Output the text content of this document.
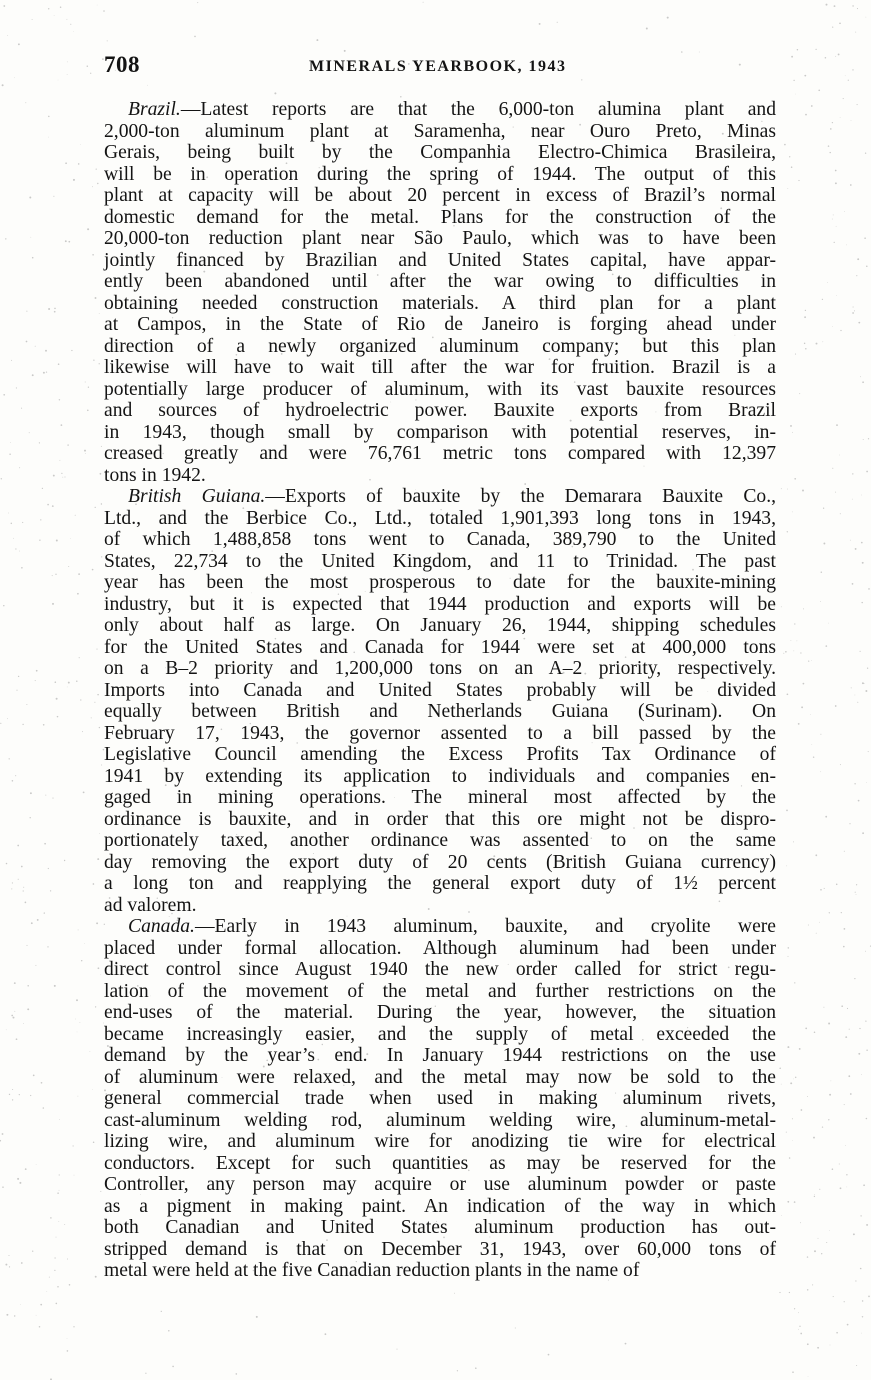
708	MINERALS YEARBOOK, 1943
Brazil.—Latest reports are that the 6,000-ton alumina plant and
2,000-ton aluminum plant at Saramenha, near Ouro Preto, Minas
Gerais, being built by the Companhia Electro-Chimica Brasileira,
will be in operation during the spring of 1944. The output of this
plant at capacity will be about 20 percent in excess of Brazil’s normal
domestic demand for the metal. Plans for the construction of the
20,000-ton reduction plant near São Paulo, which was to have been
jointly financed by Brazilian and United States capital, have appar-
ently been abandoned until after the war owing to difficulties in
obtaining needed construction materials. A third plan for a plant
at Campos, in the State of Rio de Janeiro is forging ahead under
direction of a newly organized aluminum company; but this plan
likewise will have to wait till after the war for fruition. Brazil is a
potentially large producer of aluminum, with its vast bauxite resources
and sources of hydroelectric power. Bauxite exports from Brazil
in 1943, though small by comparison with potential reserves, in-
creased greatly and were 76,761 metric tons compared with 12,397
tons in 1942.
British Guiana.—Exports of bauxite by the Demarara Bauxite Co.,
Ltd., and the Berbice Co., Ltd., totaled 1,901,393 long tons in 1943,
of which 1,488,858 tons went to Canada, 389,790 to the United
States, 22,734 to the United Kingdom, and 11 to Trinidad. The past
year has been the most prosperous to date for the bauxite-mining
industry, but it is expected that 1944 production and exports will be
only about half as large. On January 26, 1944, shipping schedules
for the United States and Canada for 1944 were set at 400,000 tons
on a B–2 priority and 1,200,000 tons on an A–2 priority, respectively.
Imports into Canada and United States probably will be divided
equally between British and Netherlands Guiana (Surinam). On
February 17, 1943, the governor assented to a bill passed by the
Legislative Council amending the Excess Profits Tax Ordinance of
1941 by extending its application to individuals and companies en-
gaged in mining operations. The mineral most affected by the
ordinance is bauxite, and in order that this ore might not be dispro-
portionately taxed, another ordinance was assented to on the same
day removing the export duty of 20 cents (British Guiana currency)
a long ton and reapplying the general export duty of 1½ percent
ad valorem.
Canada.—Early in 1943 aluminum, bauxite, and cryolite were
placed under formal allocation. Although aluminum had been under
direct control since August 1940 the new order called for strict regu-
lation of the movement of the metal and further restrictions on the
end-uses of the material. During the year, however, the situation
became increasingly easier, and the supply of metal exceeded the
demand by the year’s end. In January 1944 restrictions on the use
of aluminum were relaxed, and the metal may now be sold to the
general commercial trade when used in making aluminum rivets,
cast-aluminum welding rod, aluminum welding wire, aluminum-metal-
lizing wire, and aluminum wire for anodizing tie wire for electrical
conductors. Except for such quantities as may be reserved for the
Controller, any person may acquire or use aluminum powder or paste
as a pigment in making paint. An indication of the way in which
both Canadian and United States aluminum production has out-
stripped demand is that on December 31, 1943, over 60,000 tons of
metal were held at the five Canadian reduction plants in the name of
